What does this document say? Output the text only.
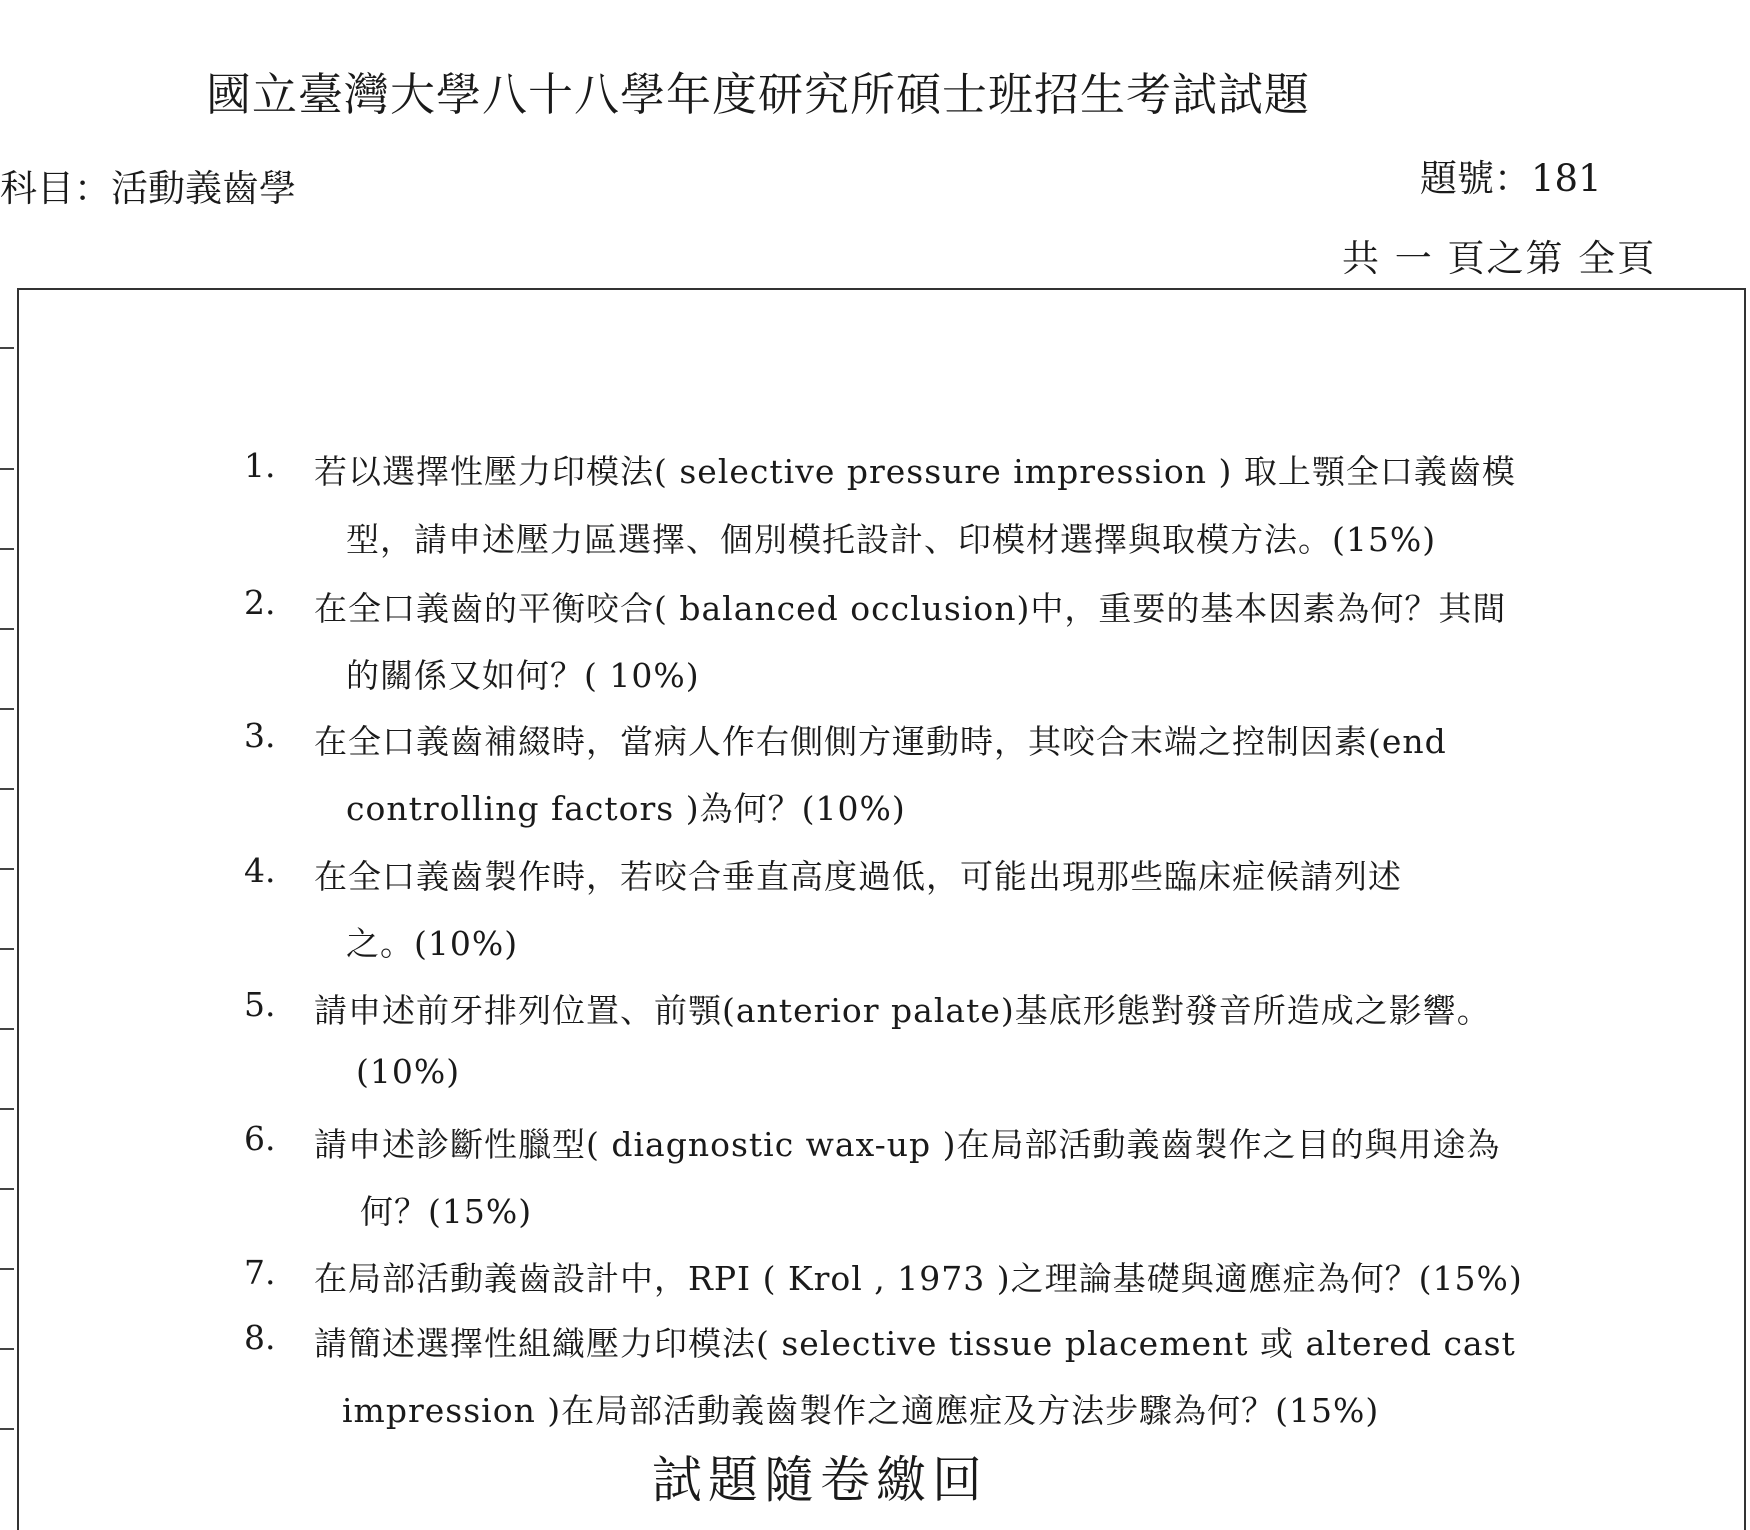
國立臺灣大學八十八學年度研究所碩士班招生考試試題
科目：活動義齒學	題號：181
共 一 頁之第 全頁
1. 若以選擇性壓力印模法( selective pressure impression ) 取上顎全口義齒模
型，請申述壓力區選擇、個別模托設計、印模材選擇與取模方法。(15%)
2. 在全口義齒的平衡咬合( balanced occlusion)中，重要的基本因素為何？其間
的關係又如何？( 10%)
3. 在全口義齒補綴時，當病人作右側側方運動時，其咬合末端之控制因素(end
controlling factors )為何？(10%)
4. 在全口義齒製作時，若咬合垂直高度過低，可能出現那些臨床症候請列述
之。(10%)
5. 請申述前牙排列位置、前顎(anterior palate)基底形態對發音所造成之影響。
(10%)
6. 請申述診斷性臘型( diagnostic wax-up )在局部活動義齒製作之目的與用途為
何？(15%)
7. 在局部活動義齒設計中，RPI ( Krol , 1973 )之理論基礎與適應症為何？(15%)
8. 請簡述選擇性組織壓力印模法( selective tissue placement 或 altered cast
impression )在局部活動義齒製作之適應症及方法步驟為何？(15%)
試題隨卷繳回
